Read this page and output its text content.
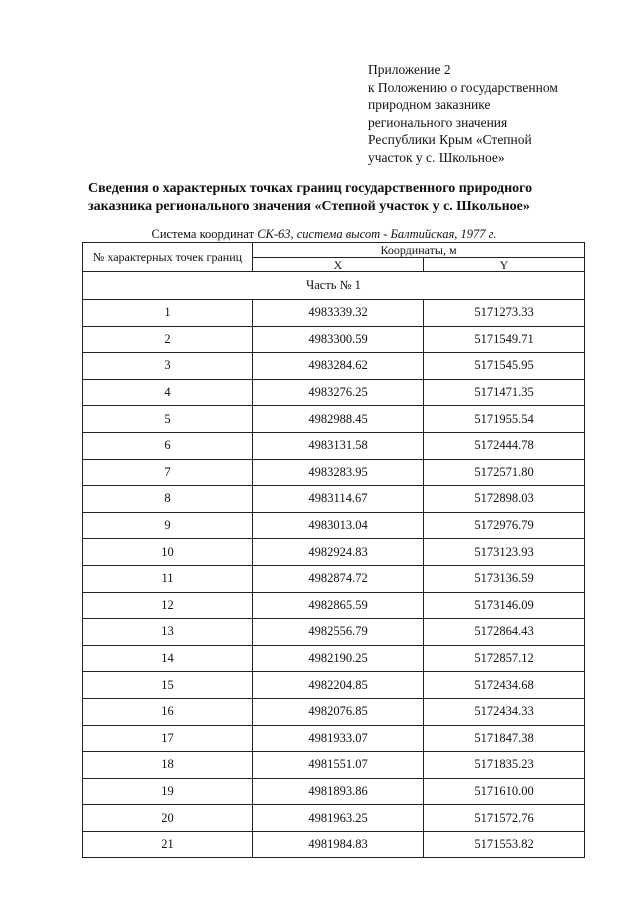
Приложение 2
к Положению о государственном
природном заказнике
регионального значения
Республики Крым «Степной
участок у с. Школьное»
Сведения о характерных точках границ государственного природного
заказника регионального значения «Степной участок у с. Школьное»
Система координат СК-63, система высот - Балтийская, 1977 г.
№ характерных точек границ	Координаты, м	
	X	Y
Часть № 1		
1	4983339.32	5171273.33
2	4983300.59	5171549.71
3	4983284.62	5171545.95
4	4983276.25	5171471.35
5	4982988.45	5171955.54
6	4983131.58	5172444.78
7	4983283.95	5172571.80
8	4983114.67	5172898.03
9	4983013.04	5172976.79
10	4982924.83	5173123.93
11	4982874.72	5173136.59
12	4982865.59	5173146.09
13	4982556.79	5172864.43
14	4982190.25	5172857.12
15	4982204.85	5172434.68
16	4982076.85	5172434.33
17	4981933.07	5171847.38
18	4981551.07	5171835.23
19	4981893.86	5171610.00
20	4981963.25	5171572.76
21	4981984.83	5171553.82
